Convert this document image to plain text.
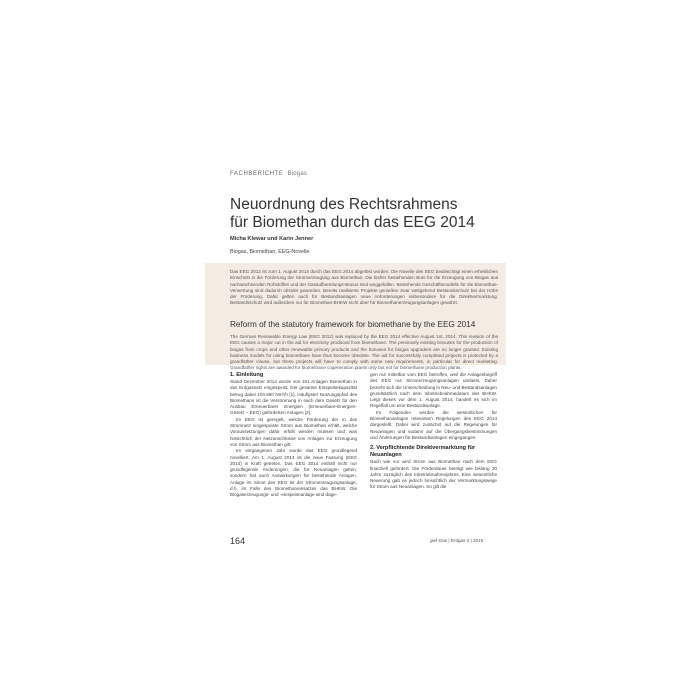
FACHBERICHTE Biogas
Neuordnung des Rechtsrahmens
für Biomethan durch das EEG 2014
Micha Klewar und Karin Jenner
Biogas, Biomethan, EEG-Novelle
Das EEG 2012 ist zum 1. August 2014 durch das EEG 2014 abgelöst worden. Die Novelle des EEG beabsichtigt einen erheblichen Einschnitt in die Förderung der Stromerzeugung aus Biomethan. Die bisher bestehenden Boni für die Erzeugung von Biogas aus nachwachsenden Rohstoffen und der Gasaufbereitungs-Bonus sind weggefallen. Bestehende Geschäftsmodelle für die Biomethan-Verwertung sind dadurch obsolet geworden. Bereits realisierte Projekte genießen zwar weitgehend Bestandsschutz bei der Höhe der Förderung. Dafür gelten auch für Bestandsanlagen neue Anforderungen insbesondere für die Direktvermarktung. Bestandsschutz wird außerdem nur für Biomethan-BHKW nicht aber für Biomethanerzeugungsanlagen gewährt.
Reform of the statutory framework for biomethane by the EEG 2014
The German Renewable Energy Law (EEG 2012) was replaced by the EEG 2014 effective August 1st, 2014. This revision of the EEG causes a major cut in the aid for electricity produced from biomethane. The previously existing bonuses for the production of biogas from crops and other renewable primary products and the bonuses for biogas upgraders are no longer granted. Existing business models for using biomethane have thus become obsolete. The aid for successfully completed projects is protected by a grandfather clause, but these projects will have to comply with some new requirements, in particular for direct marketing. Grandfather rights are awarded for biomethane cogeneration plants only but not for biomethane production plants.
1. Einleitung

Stand Dezember 2014 wurde von 161 Anlagen Biomethan in das Erdgasnetz eingespeist. Der gesamte Einspeisekapazität betrug dabei 104.660 Nm³/h [1]. Häufigster Nutzungspfad des Biomethans ist die Verstromung in nach dem Gesetz für den Ausbau Erneuerbarer Energien (Erneuerbare-Energien-Gesetz – EEG) geförderten Anlagen [2].

Im EEG ist geregelt, welche Förderung der in das Stromnetz eingespeiste Strom aus Biomethan erhält, welche Voraussetzungen dafür erfüllt werden müssen und was hinsichtlich der Netzanschlüsse von Anlagen zur Erzeugung von Strom aus Biomethan gilt.

Im vergangenen Jahr wurde das EEG grundlegend novelliert. Am 1. August 2014 ist die neue Fassung (EEG 2014) in Kraft getreten. Das EEG 2014 enthält nicht nur grundlegende Änderungen, die für Neuanlagen gelten, sondern hat auch Auswirkungen für bestehende Anlagen. Anlage im Sinne des EEG ist der Stromerzeugungsanlage, d.h. im Falle des Biomethaneinsatzes das BHKW. Die Biogaserzeugungs- und -einspeiseanlage sind dage-

gen nur mittelbar vom EEG betroffen, weil die Anlagenbegriff des EEG nur Stromerzeugungsanlagen umfasst. Daher bezieht sich die Unterscheidung in Neu- und Bestandsanlagen grundsätzlich nach dem Inbetriebnahmedatum des BHKW. Liegt dieses vor dem 1. August 2014, handelt es sich im Regelfall um eine Bestandsanlage.

Im Folgenden werden die wesentlichen für Biomethananlagen relevanten Regelungen des EEG 2014 dargestellt. Dabei wird zunächst auf die Regelungen für Neuanlagen und sodann auf die Übergangsbestimmungen und Änderungen für Bestandsanlagen eingegangen.

2. Verpflichtende Direktvermarktung für Neuanlagen

Nach wie vor wird Strom aus Biomethan nach dem EEG finanziell gefördert. Die Förderdauer beträgt wie bislang 20 Jahre zuzüglich des Inbetriebnahmejahres. Eine wesentliche Neuerung gab es jedoch hinsichtlich der Vermarktungswege für Strom aus Neuanlagen. So gilt die

164	gwf-Gas | Erdgas 3 | 2015
